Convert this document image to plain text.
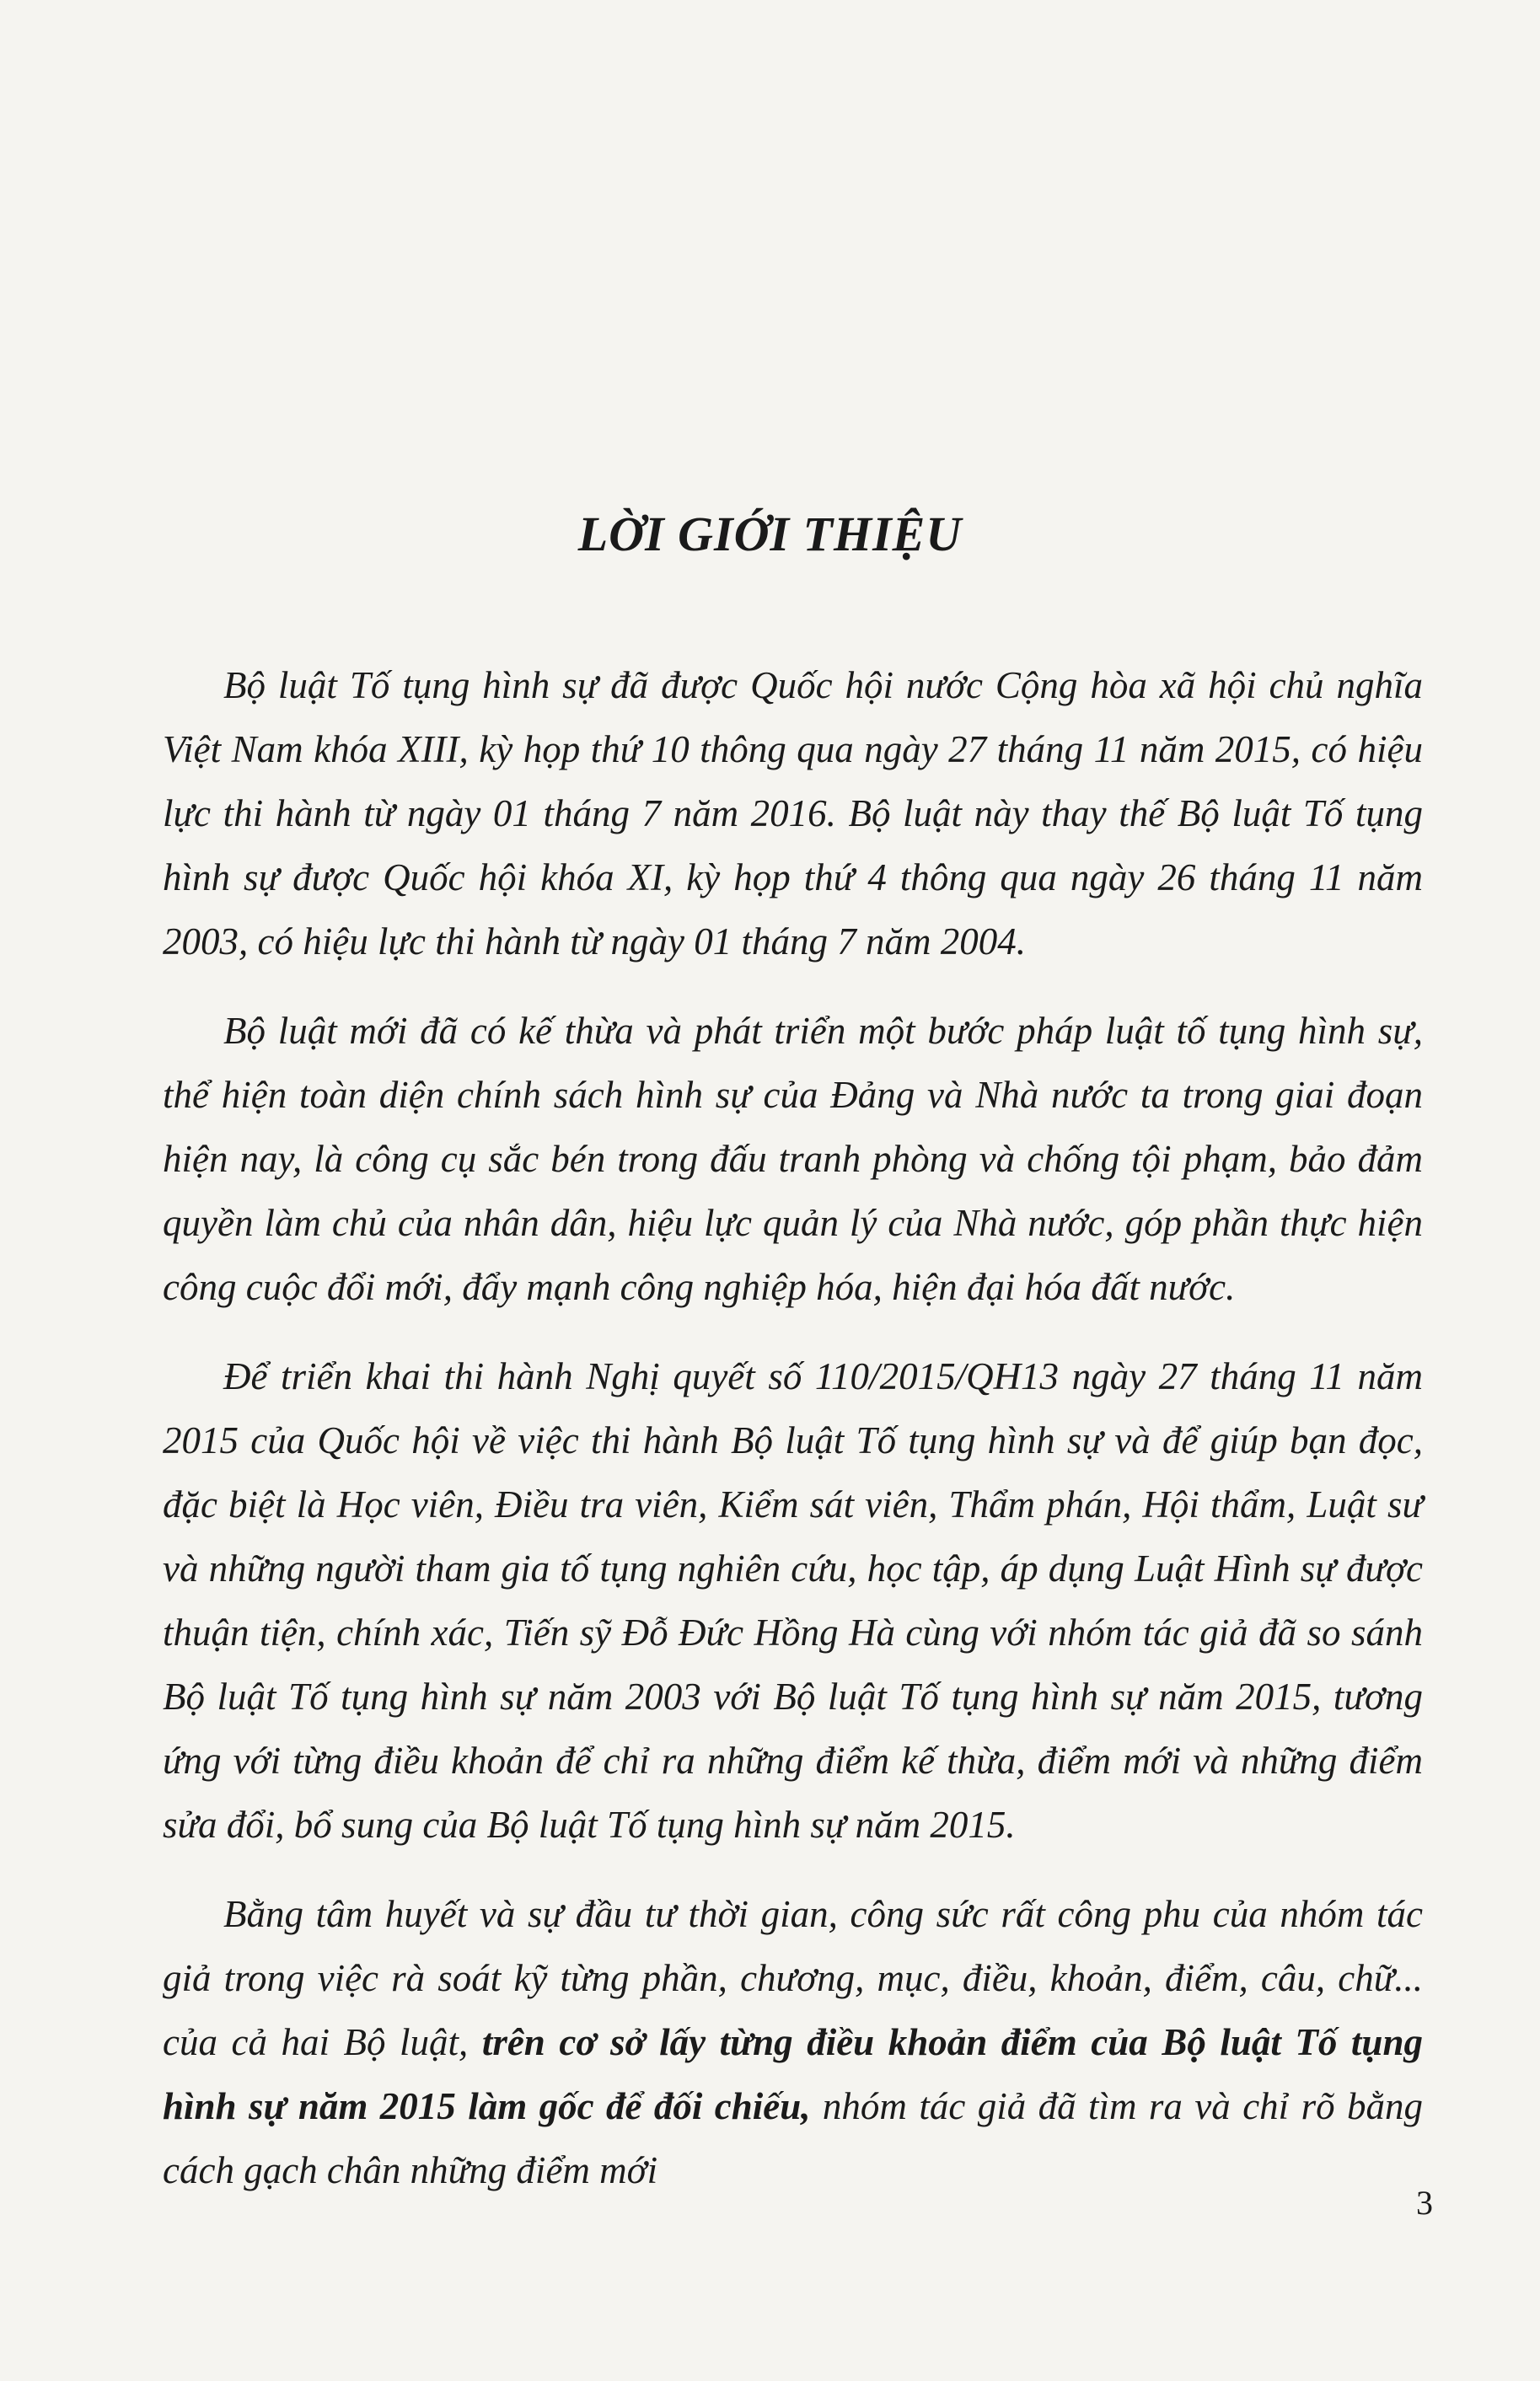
LỜI GIỚI THIỆU

Bộ luật Tố tụng hình sự đã được Quốc hội nước Cộng hòa xã hội chủ nghĩa Việt Nam khóa XIII, kỳ họp thứ 10 thông qua ngày 27 tháng 11 năm 2015, có hiệu lực thi hành từ ngày 01 tháng 7 năm 2016. Bộ luật này thay thế Bộ luật Tố tụng hình sự được Quốc hội khóa XI, kỳ họp thứ 4 thông qua ngày 26 tháng 11 năm 2003, có hiệu lực thi hành từ ngày 01 tháng 7 năm 2004.

Bộ luật mới đã có kế thừa và phát triển một bước pháp luật tố tụng hình sự, thể hiện toàn diện chính sách hình sự của Đảng và Nhà nước ta trong giai đoạn hiện nay, là công cụ sắc bén trong đấu tranh phòng và chống tội phạm, bảo đảm quyền làm chủ của nhân dân, hiệu lực quản lý của Nhà nước, góp phần thực hiện công cuộc đổi mới, đẩy mạnh công nghiệp hóa, hiện đại hóa đất nước.

Để triển khai thi hành Nghị quyết số 110/2015/QH13 ngày 27 tháng 11 năm 2015 của Quốc hội về việc thi hành Bộ luật Tố tụng hình sự và để giúp bạn đọc, đặc biệt là Học viên, Điều tra viên, Kiểm sát viên, Thẩm phán, Hội thẩm, Luật sư và những người tham gia tố tụng nghiên cứu, học tập, áp dụng Luật Hình sự được thuận tiện, chính xác, Tiến sỹ Đỗ Đức Hồng Hà cùng với nhóm tác giả đã so sánh Bộ luật Tố tụng hình sự năm 2003 với Bộ luật Tố tụng hình sự năm 2015, tương ứng với từng điều khoản để chỉ ra những điểm kế thừa, điểm mới và những điểm sửa đổi, bổ sung của Bộ luật Tố tụng hình sự năm 2015.

Bằng tâm huyết và sự đầu tư thời gian, công sức rất công phu của nhóm tác giả trong việc rà soát kỹ từng phần, chương, mục, điều, khoản, điểm, câu, chữ... của cả hai Bộ luật, trên cơ sở lấy từng điều khoản điểm của Bộ luật Tố tụng hình sự năm 2015 làm gốc để đối chiếu, nhóm tác giả đã tìm ra và chỉ rõ bằng cách gạch chân những điểm mới

3
